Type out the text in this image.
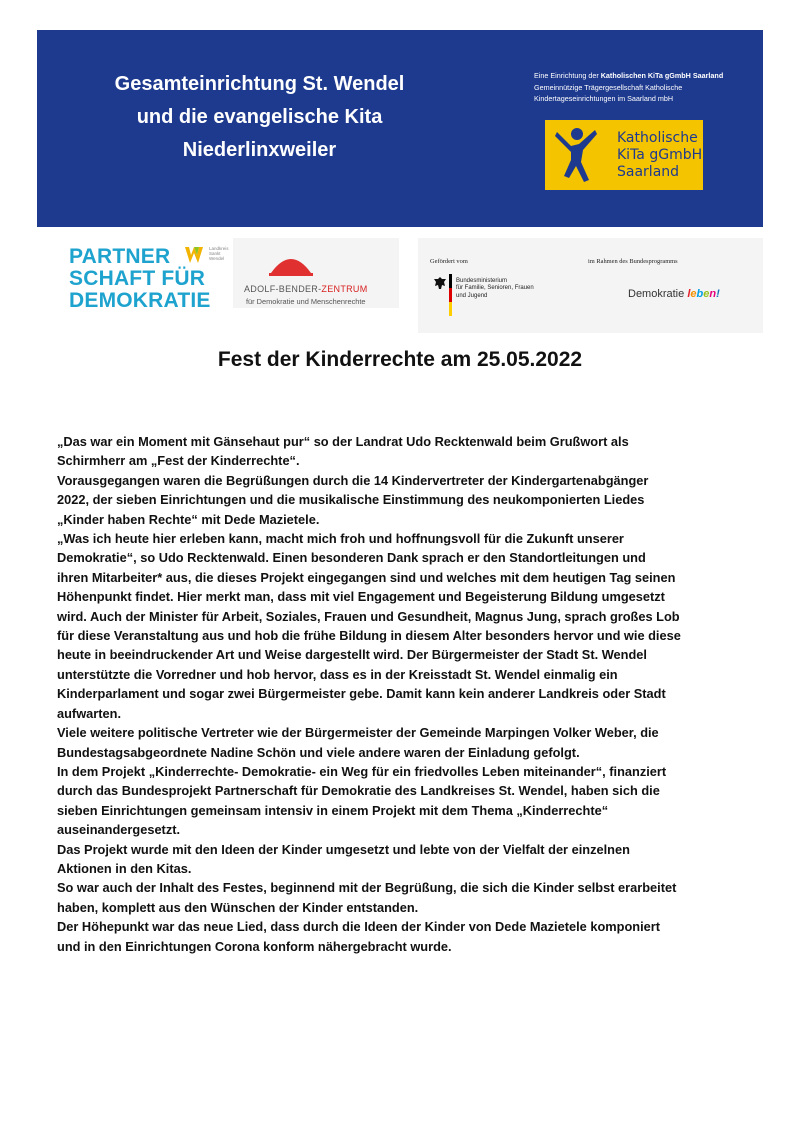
Gesamteinrichtung St. Wendel
und die evangelische Kita
Niederlinxweiler
Eine Einrichtung der Katholischen KiTa gGmbH Saarland
Gemeinnützige Trägergesellschaft Katholische
Kindertageseinrichtungen im Saarland mbH
Katholische
KiTa gGmbH
Saarland
PARTNER
SCHAFT FÜR
DEMOKRATIE
Landkreis
Sankt
Wendel
ADOLF-BENDER-ZENTRUM
für Demokratie und Menschenrechte
Gefördert vom	im Rahmen des Bundesprogramms
Bundesministerium
für Familie, Senioren, Frauen
und Jugend	Demokratie leben!
Fest der Kinderrechte am 25.05.2022
„Das war ein Moment mit Gänsehaut pur“ so der Landrat Udo Recktenwald beim Grußwort als
Schirmherr am „Fest der Kinderrechte“.
Vorausgegangen waren die Begrüßungen durch die 14 Kindervertreter der Kindergartenabgänger
2022, der sieben Einrichtungen und die musikalische Einstimmung des neukomponierten Liedes
„Kinder haben Rechte“ mit Dede Mazietele.
„Was ich heute hier erleben kann, macht mich froh und hoffnungsvoll für die Zukunft unserer
Demokratie“, so Udo Recktenwald. Einen besonderen Dank sprach er den Standortleitungen und
ihren Mitarbeiter* aus, die dieses Projekt eingegangen sind und welches mit dem heutigen Tag seinen
Höhenpunkt findet. Hier merkt man, dass mit viel Engagement und Begeisterung Bildung umgesetzt
wird. Auch der Minister für Arbeit, Soziales, Frauen und Gesundheit, Magnus Jung, sprach großes Lob
für diese Veranstaltung aus und hob die frühe Bildung in diesem Alter besonders hervor und wie diese
heute in beeindruckender Art und Weise dargestellt wird. Der Bürgermeister der Stadt St. Wendel
unterstützte die Vorredner und hob hervor, dass es in der Kreisstadt St. Wendel einmalig ein
Kinderparlament und sogar zwei Bürgermeister gebe. Damit kann kein anderer Landkreis oder Stadt
aufwarten.
Viele weitere politische Vertreter wie der Bürgermeister der Gemeinde Marpingen Volker Weber, die
Bundestagsabgeordnete Nadine Schön und viele andere waren der Einladung gefolgt.
In dem Projekt „Kinderrechte- Demokratie- ein Weg für ein friedvolles Leben miteinander“, finanziert
durch das Bundesprojekt Partnerschaft für Demokratie des Landkreises St. Wendel, haben sich die
sieben Einrichtungen gemeinsam intensiv in einem Projekt mit dem Thema „Kinderrechte“
auseinandergesetzt.
Das Projekt wurde mit den Ideen der Kinder umgesetzt und lebte von der Vielfalt der einzelnen
Aktionen in den Kitas.
So war auch der Inhalt des Festes, beginnend mit der Begrüßung, die sich die Kinder selbst erarbeitet
haben, komplett aus den Wünschen der Kinder entstanden.
Der Höhepunkt war das neue Lied, dass durch die Ideen der Kinder von Dede Mazietele komponiert
und in den Einrichtungen Corona konform nähergebracht wurde.
